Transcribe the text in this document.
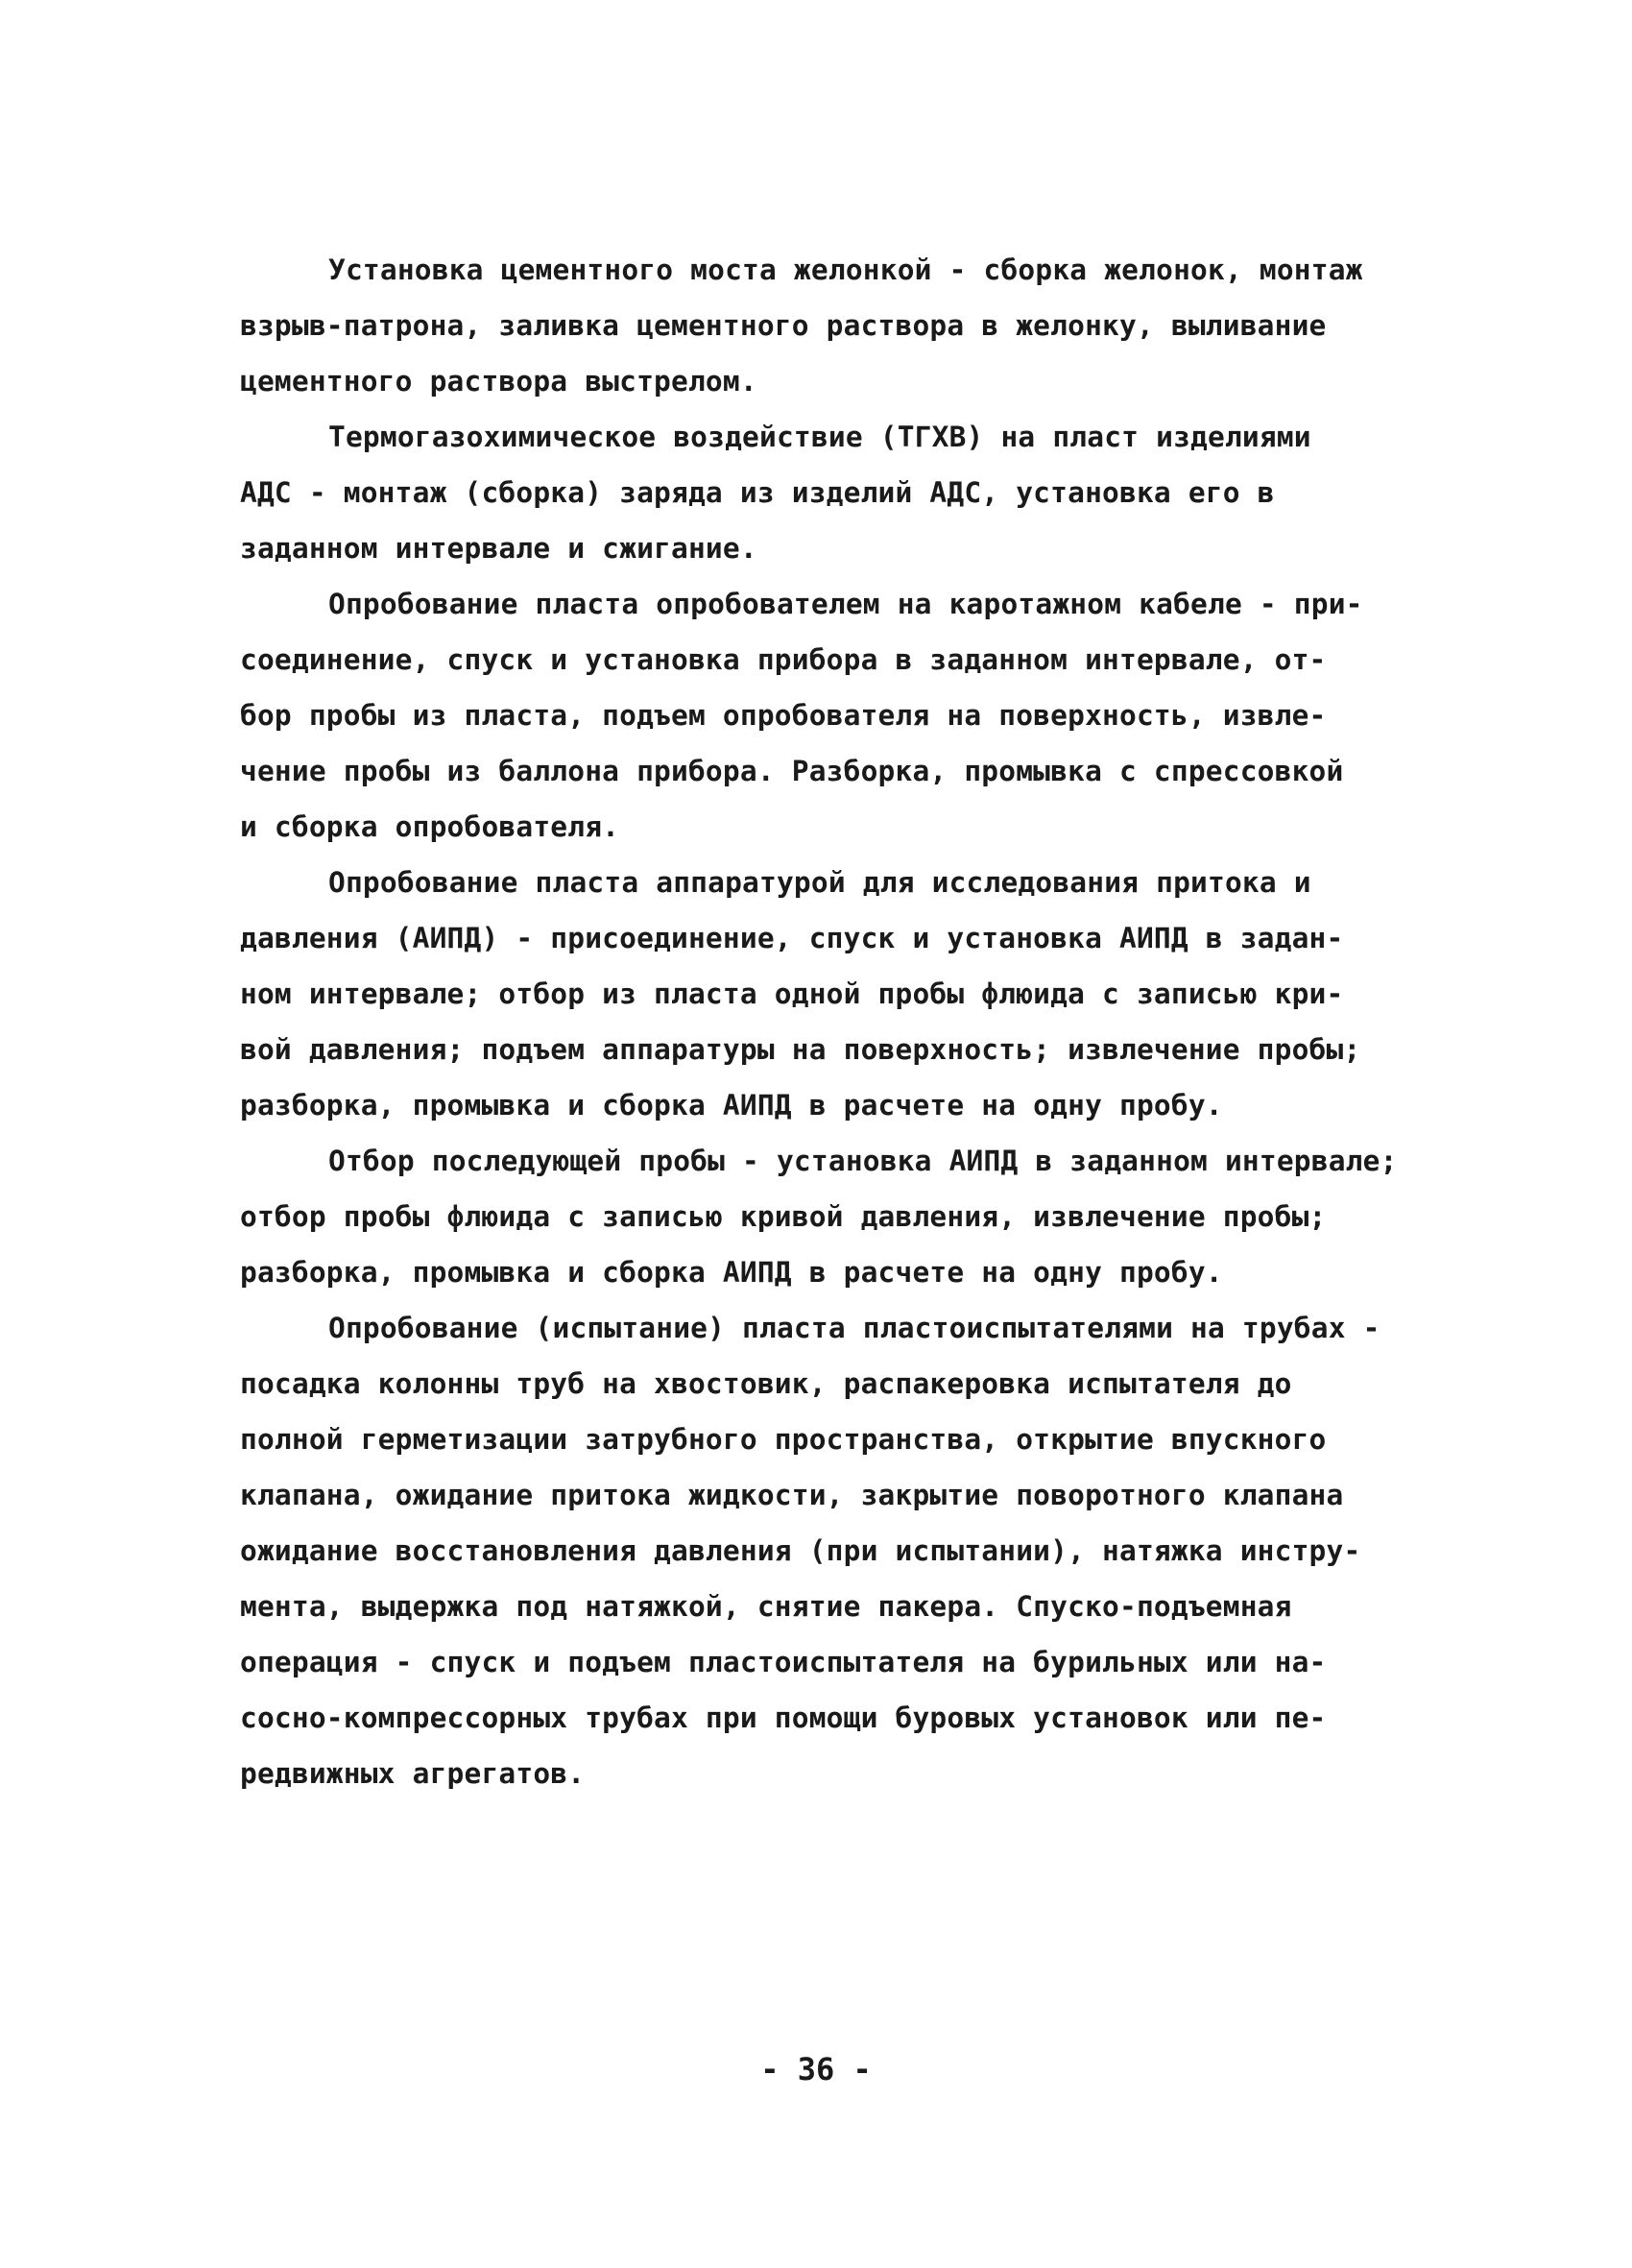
Установка цементного моста желонкой - сборка желонок, монтаж
взрыв-патрона, заливка цементного раствора в желонку, выливание
цементного раствора выстрелом.
Термогазохимическое воздействие (ТГХВ) на пласт изделиями
АДС - монтаж (сборка) заряда из изделий АДС, установка его в
заданном интервале и сжигание.
Опробование пласта опробователем на каротажном кабеле - при-
соединение, спуск и установка прибора в заданном интервале, от-
бор пробы из пласта, подъем опробователя на поверхность, извле-
чение пробы из баллона прибора. Разборка, промывка с спрессовкой
и сборка опробователя.
Опробование пласта аппаратурой для исследования притока и
давления (АИПД) - присоединение, спуск и установка АИПД в задан-
ном интервале; отбор из пласта одной пробы флюида с записью кри-
вой давления; подъем аппаратуры на поверхность; извлечение пробы;
разборка, промывка и сборка АИПД в расчете на одну пробу.
Отбор последующей пробы - установка АИПД в заданном интервале;
отбор пробы флюида с записью кривой давления, извлечение пробы;
разборка, промывка и сборка АИПД в расчете на одну пробу.
Опробование (испытание) пласта пластоиспытателями на трубах -
посадка колонны труб на хвостовик, распакеровка испытателя до
полной герметизации затрубного пространства, открытие впускного
клапана, ожидание притока жидкости, закрытие поворотного клапана
ожидание восстановления давления (при испытании), натяжка инстру-
мента, выдержка под натяжкой, снятие пакера. Спуско-подъемная
операция - спуск и подъем пластоиспытателя на бурильных или на-
сосно-компрессорных трубах при помощи буровых установок или пе-
редвижных агрегатов.
- 36 -
